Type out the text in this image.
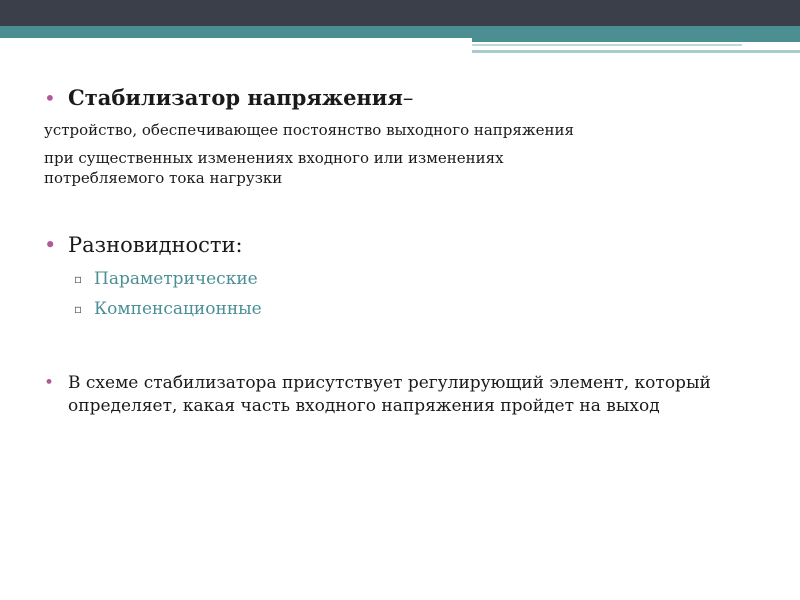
• Стабилизатор напряжения–

устройство, обеспечивающее постоянство выходного напряжения

при существенных изменениях входного или изменениях потребляемого тока нагрузки

• Разновидности:
▫ Параметрические
▫ Компенсационные
• В схеме стабилизатора присутствует регулирующий элемент, который определяет, какая часть входного напряжения пройдет на выход
